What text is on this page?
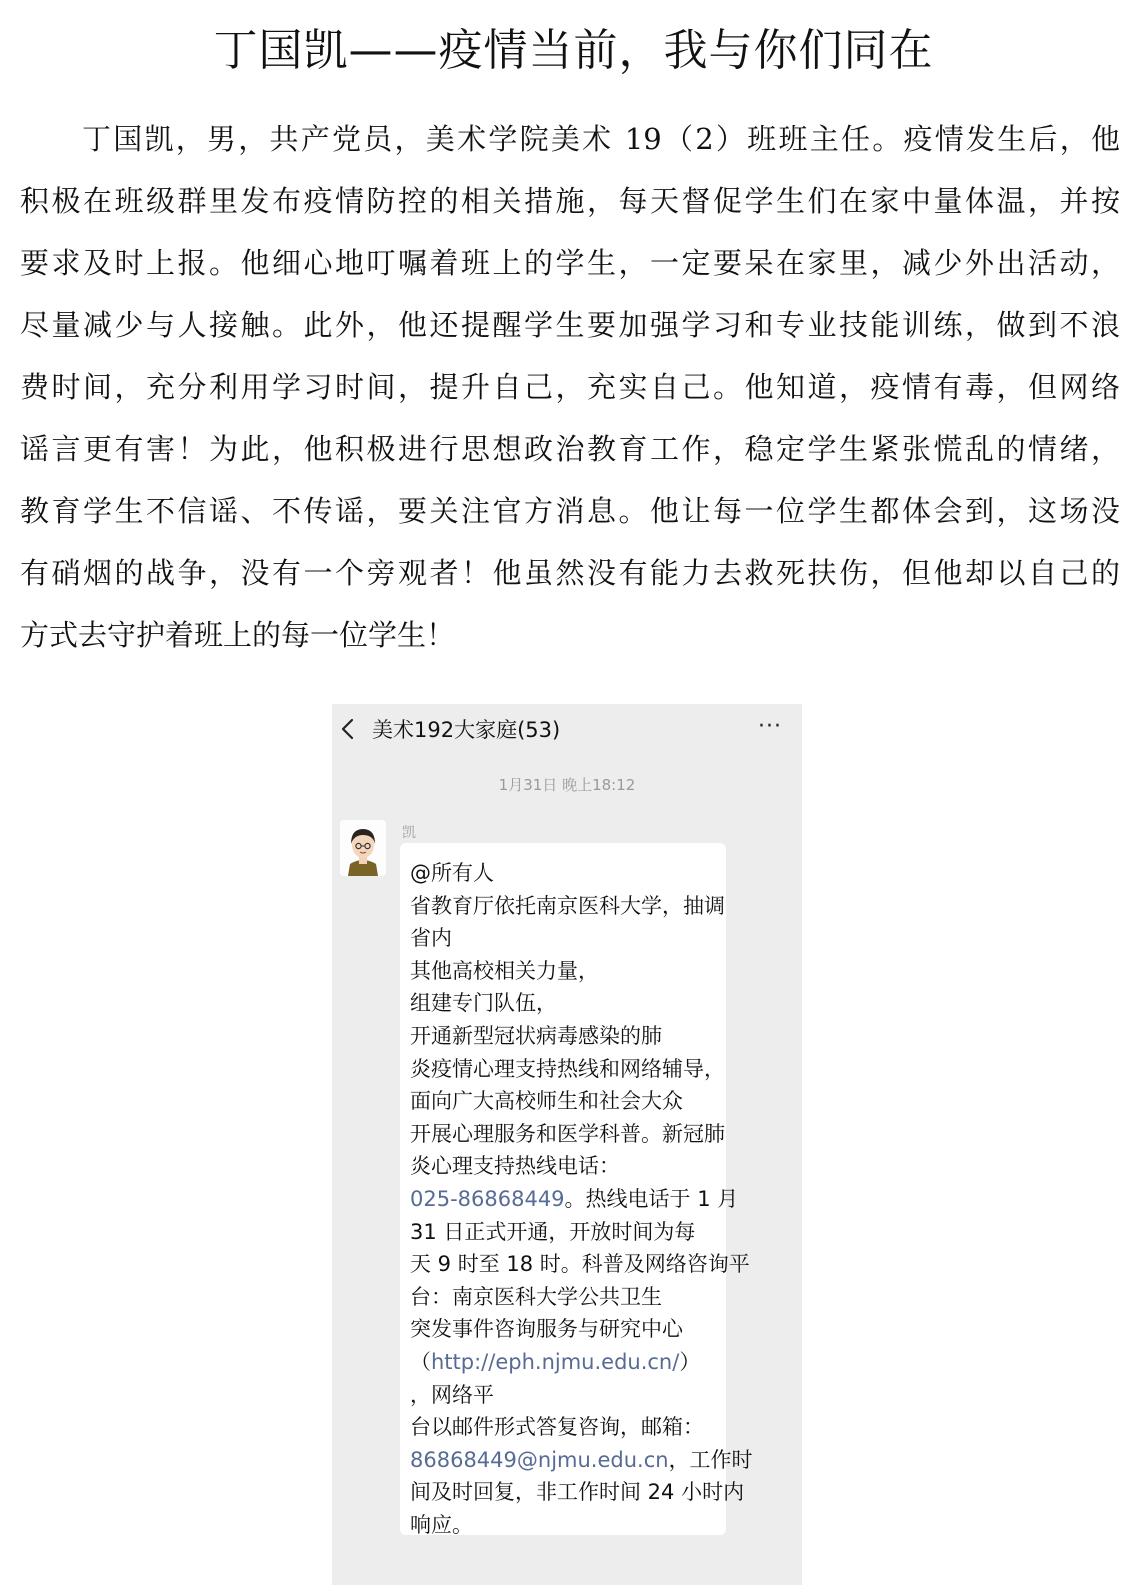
丁国凯——疫情当前，我与你们同在
丁国凯，男，共产党员，美术学院美术 19（2）班班主任。疫情发生后，他
积极在班级群里发布疫情防控的相关措施，每天督促学生们在家中量体温，并按
要求及时上报。他细心地叮嘱着班上的学生，一定要呆在家里，减少外出活动，
尽量减少与人接触。此外，他还提醒学生要加强学习和专业技能训练，做到不浪
费时间，充分利用学习时间，提升自己，充实自己。他知道，疫情有毒，但网络
谣言更有害！为此，他积极进行思想政治教育工作，稳定学生紧张慌乱的情绪，
教育学生不信谣、不传谣，要关注官方消息。他让每一位学生都体会到，这场没
有硝烟的战争，没有一个旁观者！他虽然没有能力去救死扶伤，但他却以自己的
方式去守护着班上的每一位学生！
美术192大家庭(53)	···
1月31日 晚上18:12
凯
@所有人
省教育厅依托南京医科大学，抽调
省内
其他高校相关力量，
组建专门队伍，
开通新型冠状病毒感染的肺
炎疫情心理支持热线和网络辅导，
面向广大高校师生和社会大众
开展心理服务和医学科普。新冠肺
炎心理支持热线电话：
025-86868449。热线电话于 1 月
31 日正式开通，开放时间为每
天 9 时至 18 时。科普及网络咨询平
台：南京医科大学公共卫生
突发事件咨询服务与研究中心
（http://eph.njmu.edu.cn/）
，网络平
台以邮件形式答复咨询，邮箱：
86868449@njmu.edu.cn，工作时
间及时回复，非工作时间 24 小时内
响应。
